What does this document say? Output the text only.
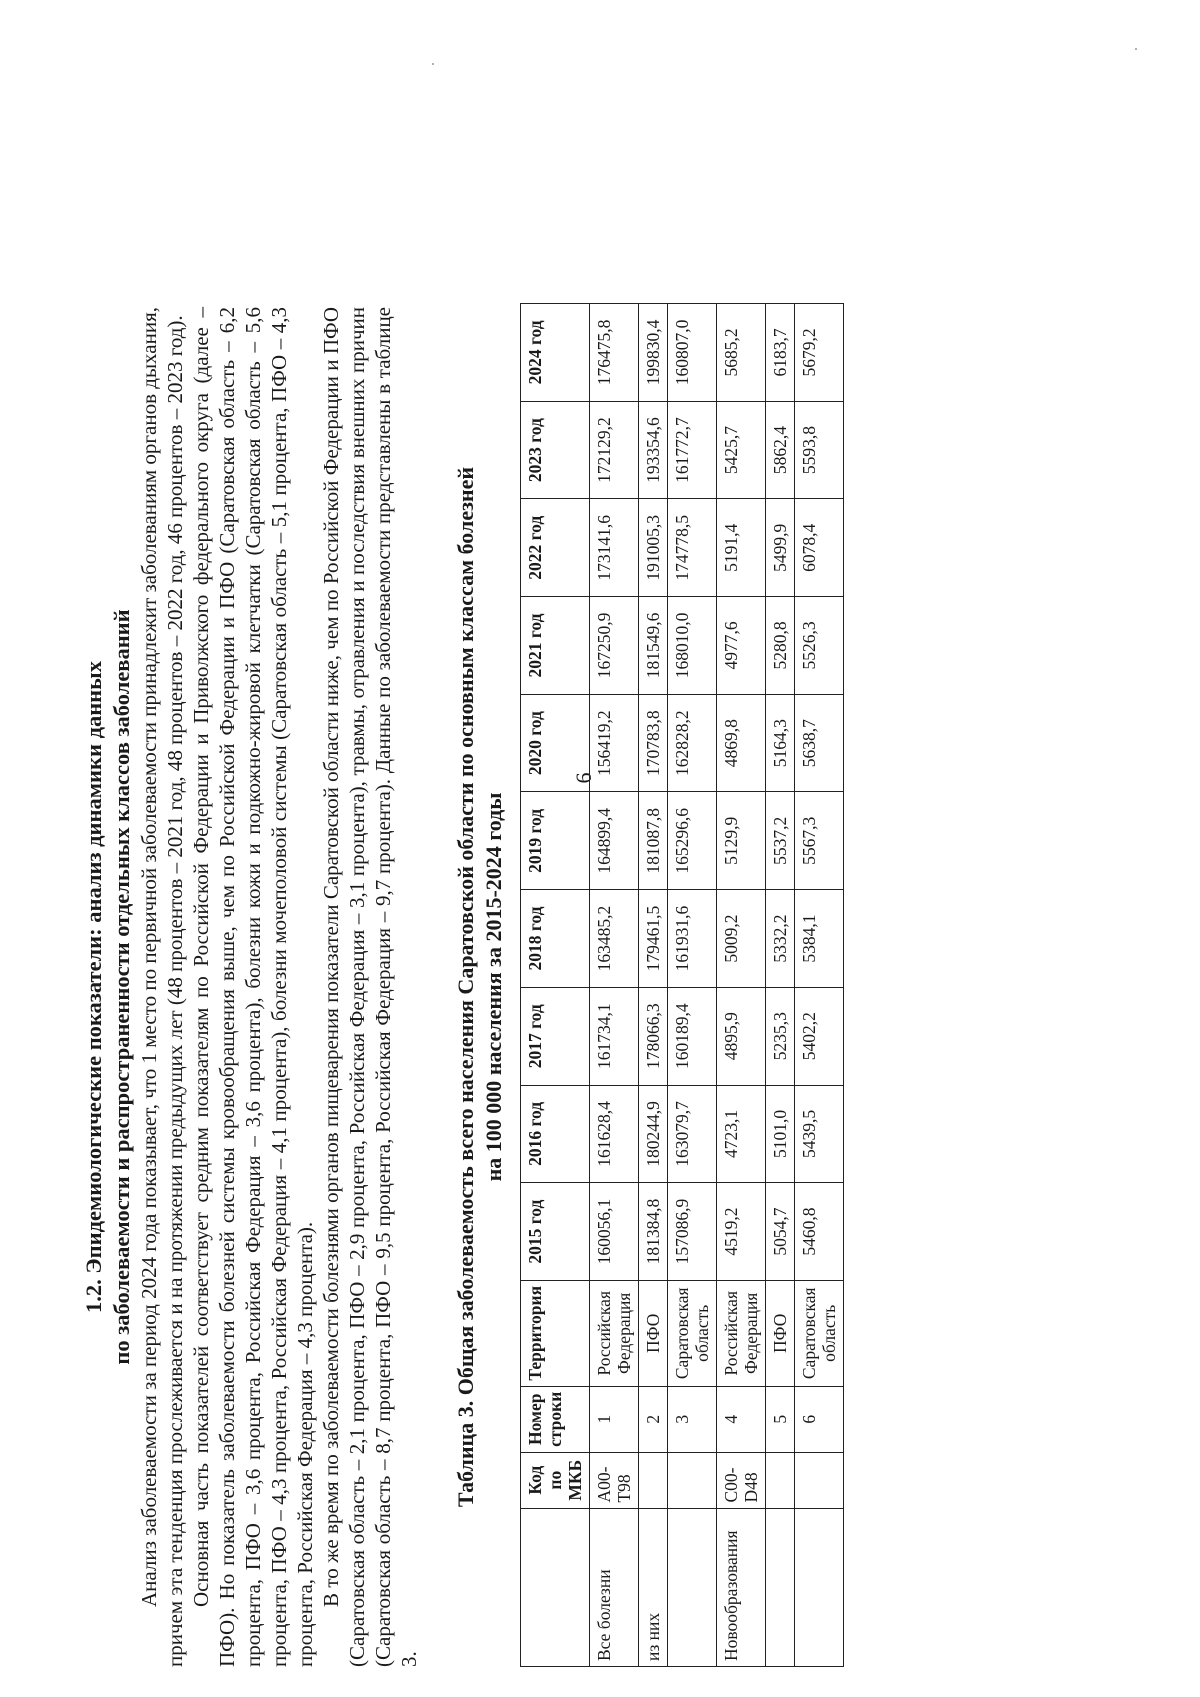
6

1.2. Эпидемиологические показатели: анализ динамики данных по заболеваемости и распространенности отдельных классов заболеваний Анализ заболеваемости за период 2024 года показывает, что 1 место по первичной заболеваемости принадлежит заболеваниям органов дыхания, причем эта тенденция прослеживается и на протяжении предыдущих лет (48 процентов – 2021 год, 48 процентов – 2022 год, 46 процентов – 2023 год). Основная часть показателей соответствует средним показателям по Российской Федерации и Приволжского федерального округа (далее – ПФО). Но показатель заболеваемости болезней системы кровообращения выше, чем по Российской Федерации и ПФО (Саратовская область – 6,2 процента, ПФО – 3,6 процента, Российская Федерация – 3,6 процента), болезни кожи и подкожно-жировой клетчатки (Саратовская область – 5,6 процента, ПФО – 4,3 процента, Российская Федерация – 4,1 процента), болезни мочеполовой системы (Саратовская область – 5,1 процента, ПФО – 4,3 процента, Российская Федерация – 4,3 процента). В то же время по заболеваемости болезнями органов пищеварения показатели Саратовской области ниже, чем по Российской Федерации и ПФО (Саратовская область – 2,1 процента, ПФО – 2,9 процента, Российская Федерация – 3,1 процента), травмы, отравления и последствия внешних причин (Саратовская область – 8,7 процента, ПФО – 9,5 процента, Российская Федерация – 9,7 процента). Данные по заболеваемости представлены в таблице 3.

Таблица 3. Общая заболеваемость всего населения Саратовской области по основным классам болезней на 100 000 населения за 2015-2024 годы
	Код по МКБ	Номер строки	Территория	2015 год	2016 год	2017 год	2018 год	2019 год	2020 год	2021 год	2022 год	2023 год	2024 год
Все болезни	А00-Т98	1	Российская Федерация	160056,1	161628,4	161734,1	163485,2	164899,4	156419,2	167250,9	173141,6	172129,2	176475,8
из них		2	ПФО	181384,8	180244,9	178066,3	179461,5	181087,8	170783,8	181549,6	191005,3	193354,6	199830,4
		3	Саратовская область	157086,9	163079,7	160189,4	161931,6	165296,6	162828,2	168010,0	174778,5	161772,7	160807,0
Новообразования	С00-D48	4	Российская Федерация	4519,2	4723,1	4895,9	5009,2	5129,9	4869,8	4977,6	5191,4	5425,7	5685,2
		5	ПФО	5054,7	5101,0	5235,3	5332,2	5537,2	5164,3	5280,8	5499,9	5862,4	6183,7
		6	Саратовская область	5460,8	5439,5	5402,2	5384,1	5567,3	5638,7	5526,3	6078,4	5593,8	5679,2
